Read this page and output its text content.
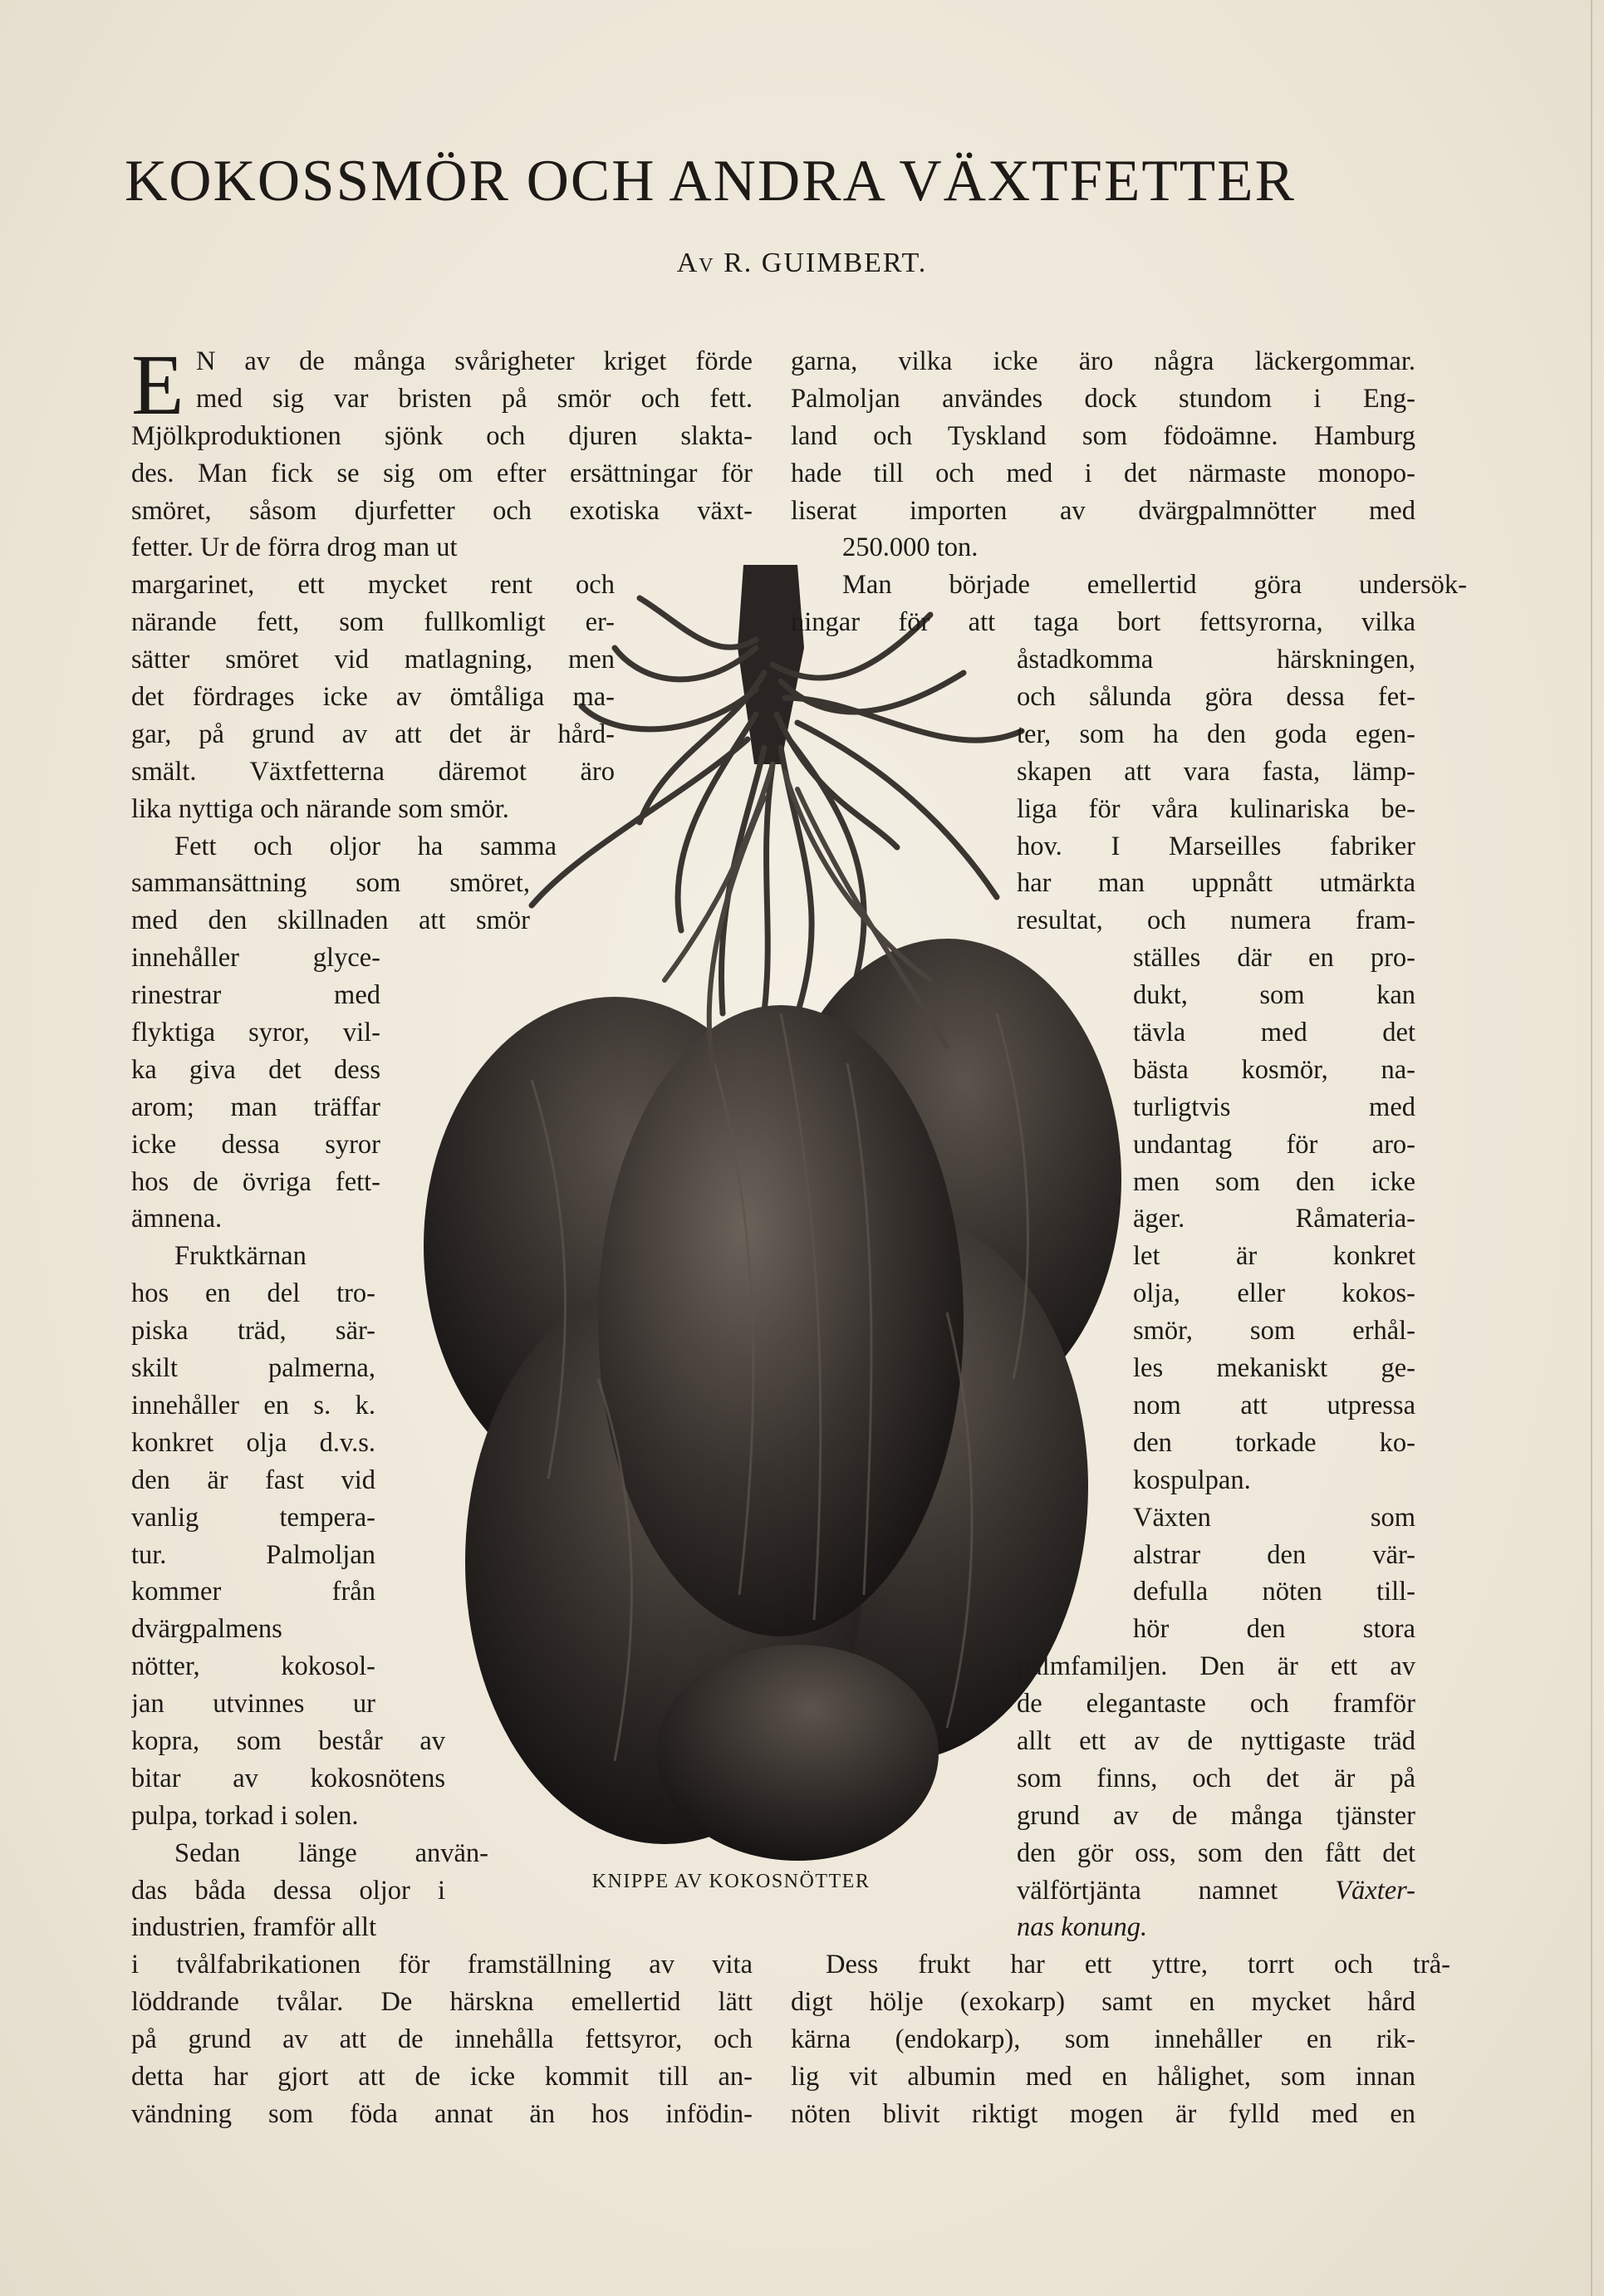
KOKOSSMÖR OCH ANDRA VÄXTFETTER

Av R. GUIMBERT.

E N av de många svårigheter kriget förde
med sig var bristen på smör och fett.
Mjölkproduktionen sjönk och djuren slakta-
des. Man fick se sig om efter ersättningar för
smöret, såsom djurfetter och exotiska växt-
fetter. Ur de förra drog man ut
margarinet, ett mycket rent och
närande fett, som fullkomligt er-
sätter smöret vid matlagning, men
det fördrages icke av ömtåliga ma-
gar, på grund av att det är hård-
smält. Växtfetterna däremot äro
lika nyttiga och närande som smör.
Fett och oljor ha samma
sammansättning som smöret,
med den skillnaden att smör
innehåller glyce-
rinestrar med
flyktiga syror, vil-
ka giva det dess
arom; man träffar
icke dessa syror
hos de övriga fett-
ämnena.
Fruktkärnan
hos en del tro-
piska träd, sär-
skilt palmerna,
innehåller en s. k.
konkret olja d.v.s.
den är fast vid
vanlig tempera-
tur. Palmoljan
kommer från
dvärgpalmens
nötter, kokosol-
jan utvinnes ur
kopra, som består av
bitar av kokosnötens
pulpa, torkad i solen.
Sedan länge använ-
das båda dessa oljor i
industrien, framför allt
i tvålfabrikationen för framställning av vita
löddrande tvålar. De härskna emellertid lätt
på grund av att de innehålla fettsyror, och
detta har gjort att de icke kommit till an-
vändning som föda annat än hos infödin-
garna, vilka icke äro några läckergommar.
Palmoljan användes dock stundom i Eng-
land och Tyskland som födoämne. Hamburg
hade till och med i det närmaste monopo-
liserat importen av dvärgpalmnötter med
250.000 ton.
Man började emellertid göra undersök-
ningar för att taga bort fettsyrorna, vilka
åstadkomma härskningen,
och sålunda göra dessa fet-
ter, som ha den goda egen-
skapen att vara fasta, lämp-
liga för våra kulinariska be-
hov. I Marseilles fabriker
har man uppnått utmärkta
resultat, och numera fram-
ställes där en pro-
dukt, som kan
tävla med det
bästa kosmör, na-
turligtvis med
undantag för aro-
men som den icke
äger. Råmateria-
let är konkret
olja, eller kokos-
smör, som erhål-
les mekaniskt ge-
nom att utpressa
den torkade ko-
kospulpan.
Växten som
alstrar den vär-
defulla nöten till-
hör den stora
palmfamiljen. Den är ett av
de elegantaste och framför
allt ett av de nyttigaste träd
som finns, och det är på
grund av de många tjänster
den gör oss, som den fått det
välförtjänta namnet Växter-
nas konung.
Dess frukt har ett yttre, torrt och trå-
digt hölje (exokarp) samt en mycket hård
kärna (endokarp), som innehåller en rik-
lig vit albumin med en hålighet, som innan
nöten blivit riktigt mogen är fylld med en
KNIPPE AV KOKOSNÖTTER
